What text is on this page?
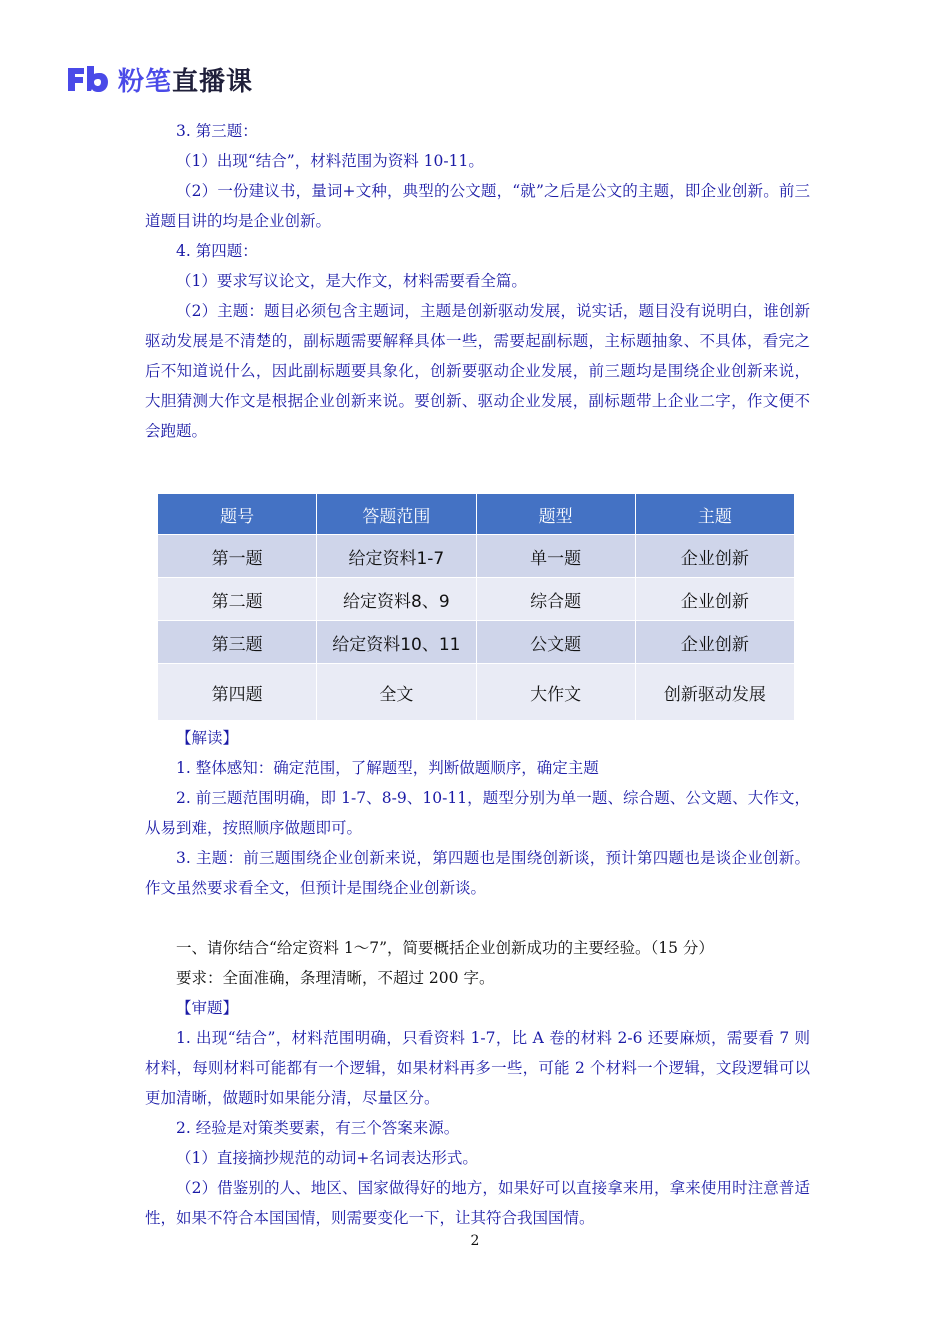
粉笔直播课

3. 第三题：

（1）出现“结合”，材料范围为资料 10-11。

（2）一份建议书，量词+文种，典型的公文题，“就”之后是公文的主题，即企业创新。前三道题目讲的均是企业创新。

4. 第四题：

（1）要求写议论文，是大作文，材料需要看全篇。

（2）主题：题目必须包含主题词，主题是创新驱动发展，说实话，题目没有说明白，谁创新驱动发展是不清楚的，副标题需要解释具体一些，需要起副标题，主标题抽象、不具体，看完之后不知道说什么，因此副标题要具象化，创新要驱动企业发展，前三题均是围绕企业创新来说，大胆猜测大作文是根据企业创新来说。要创新、驱动企业发展，副标题带上企业二字，作文便不会跑题。

题号	答题范围	题型	主题
第一题	给定资料1-7	单一题	企业创新
第二题	给定资料8、9	综合题	企业创新
第三题	给定资料10、11	公文题	企业创新
第四题	全文	大作文	创新驱动发展

【解读】

1. 整体感知：确定范围，了解题型，判断做题顺序，确定主题

2. 前三题范围明确，即 1-7、8-9、10-11，题型分别为单一题、综合题、公文题、大作文，从易到难，按照顺序做题即可。

3. 主题：前三题围绕企业创新来说，第四题也是围绕创新谈，预计第四题也是谈企业创新。作文虽然要求看全文，但预计是围绕企业创新谈。

一、请你结合“给定资料 1～7”，简要概括企业创新成功的主要经验。（15 分）

要求：全面准确，条理清晰，不超过 200 字。

【审题】

1. 出现“结合”，材料范围明确，只看资料 1-7，比 A 卷的材料 2-6 还要麻烦，需要看 7 则材料，每则材料可能都有一个逻辑，如果材料再多一些，可能 2 个材料一个逻辑，文段逻辑可以更加清晰，做题时如果能分清，尽量区分。

2. 经验是对策类要素，有三个答案来源。

（1）直接摘抄规范的动词+名词表达形式。

（2）借鉴别的人、地区、国家做得好的地方，如果好可以直接拿来用，拿来使用时注意普适性，如果不符合本国国情，则需要变化一下，让其符合我国国情。

2
